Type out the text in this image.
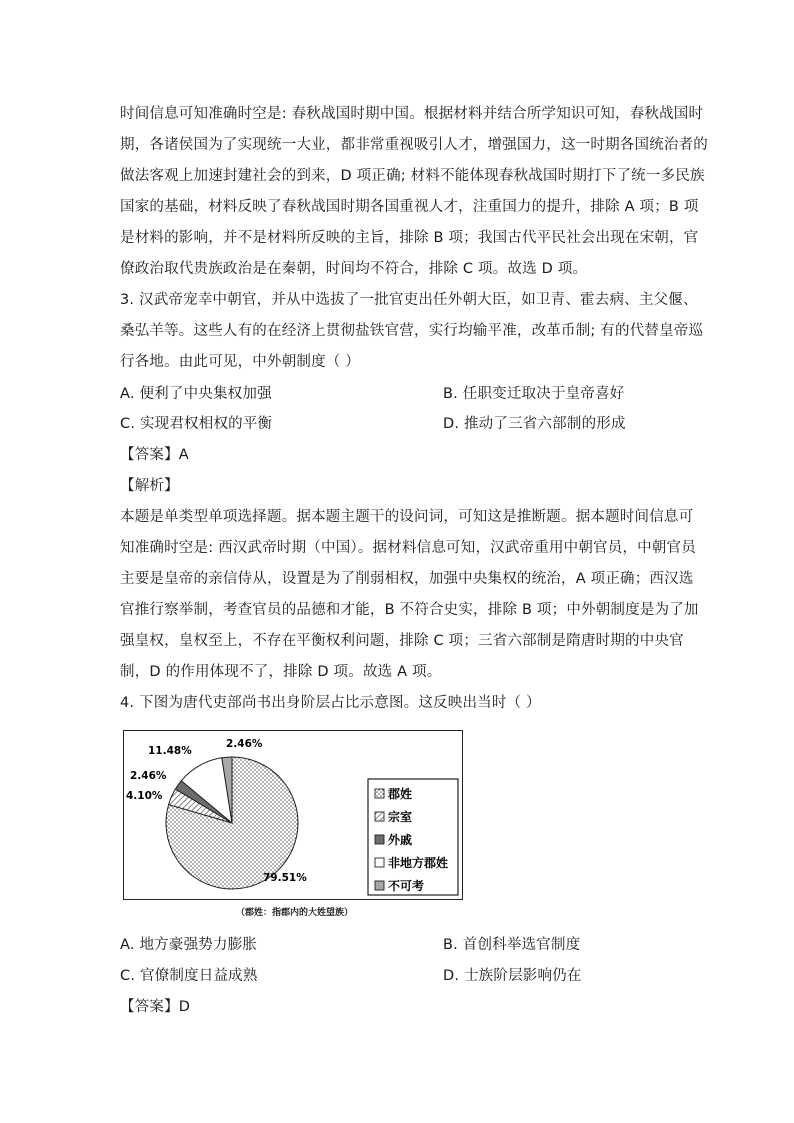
时间信息可知准确时空是: 春秋战国时期中国。根据材料并结合所学知识可知，春秋战国时
期，各诸侯国为了实现统一大业，都非常重视吸引人才，增强国力，这一时期各国统治者的
做法客观上加速封建社会的到来，D 项正确; 材料不能体现春秋战国时期打下了统一多民族
国家的基础，材料反映了春秋战国时期各国重视人才，注重国力的提升，排除 A 项；B 项
是材料的影响，并不是材料所反映的主旨，排除 B 项；我国古代平民社会出现在宋朝，官
僚政治取代贵族政治是在秦朝，时间均不符合，排除 C 项。故选 D 项。
3. 汉武帝宠幸中朝官，并从中选拔了一批官吏出任外朝大臣，如卫青、霍去病、主父偃、
桑弘羊等。这些人有的在经济上贯彻盐铁官营，实行均输平准，改革币制; 有的代替皇帝巡
行各地。由此可见，中外朝制度（ ）
A. 便利了中央集权加强	B. 任职变迁取决于皇帝喜好
C. 实现君权相权的平衡	D. 推动了三省六部制的形成
【答案】A
【解析】
本题是单类型单项选择题。据本题主题干的设问词，可知这是推断题。据本题时间信息可
知准确时空是: 西汉武帝时期（中国）。据材料信息可知，汉武帝重用中朝官员，中朝官员
主要是皇帝的亲信侍从，设置是为了削弱相权，加强中央集权的统治，A 项正确；西汉选
官推行察举制，考查官员的品德和才能，B 不符合史实，排除 B 项；中外朝制度是为了加
强皇权，皇权至上，不存在平衡权利问题，排除 C 项；三省六部制是隋唐时期的中央官
制，D 的作用体现不了，排除 D 项。故选 A 项。
4. 下图为唐代吏部尚书出身阶层占比示意图。这反映出当时（ ）
79.51%
4.10%
2.46%
11.48%
2.46%
郡姓
宗室
外戚
非地方郡姓
不可考
（郡姓：指郡内的大姓望族）
A. 地方豪强势力膨胀	B. 首创科举选官制度
C. 官僚制度日益成熟	D. 士族阶层影响仍在
【答案】D
